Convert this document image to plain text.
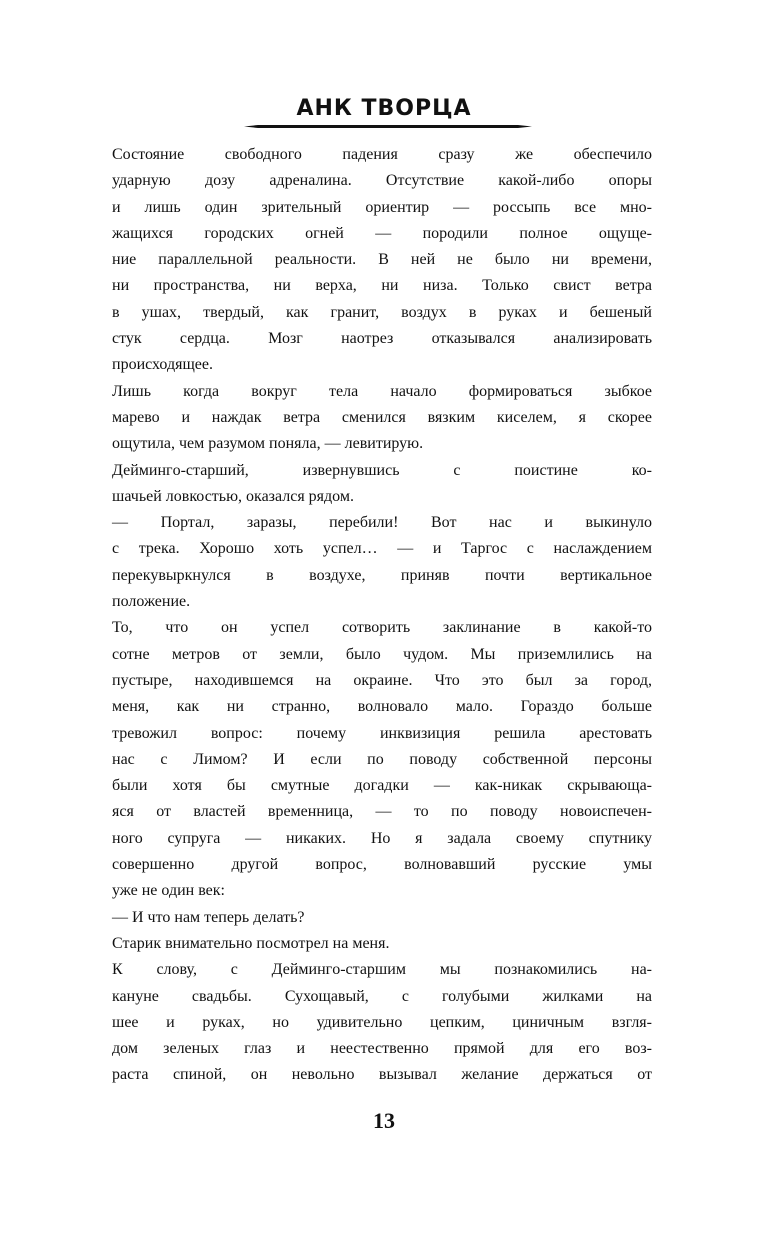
АНК ТВОРЦА
Состояние свободного падения сразу же обеспечило
ударную дозу адреналина. Отсутствие какой-либо опоры
и лишь один зрительный ориентир — россыпь все мно-
жащихся городских огней — породили полное ощуще-
ние параллельной реальности. В ней не было ни времени,
ни пространства, ни верха, ни низа. Только свист ветра
в ушах, твердый, как гранит, воздух в руках и бешеный
стук сердца. Мозг наотрез отказывался анализировать
происходящее.
Лишь когда вокруг тела начало формироваться зыбкое
марево и наждак ветра сменился вязким киселем, я скорее
ощутила, чем разумом поняла, — левитирую.
Деймингo-старший, извернувшись с поистине ко-
шачьей ловкостью, оказался рядом.
— Портал, заразы, перебили! Вот нас и выкинуло
с трека. Хорошо хоть успел… — и Таргос с наслаждением
перекувыркнулся в воздухе, приняв почти вертикальное
положение.
То, что он успел сотворить заклинание в какой-то
сотне метров от земли, было чудом. Мы приземлились на
пустыре, находившемся на окраине. Что это был за город,
меня, как ни странно, волновало мало. Гораздо больше
тревожил вопрос: почему инквизиция решила арестовать
нас с Лимом? И если по поводу собственной персоны
были хотя бы смутные догадки — как-никак скрывающа-
яся от властей временница, — то по поводу новоиспечен-
ного супруга — никаких. Но я задала своему спутнику
совершенно другой вопрос, волновавший русские умы
уже не один век:
— И что нам теперь делать?
Старик внимательно посмотрел на меня.
К слову, с Деймингo-старшим мы познакомились на-
кануне свадьбы. Сухощавый, с голубыми жилками на
шее и руках, но удивительно цепким, циничным взгля-
дом зеленых глаз и неестественно прямой для его воз-
раста спиной, он невольно вызывал желание держаться от
13
